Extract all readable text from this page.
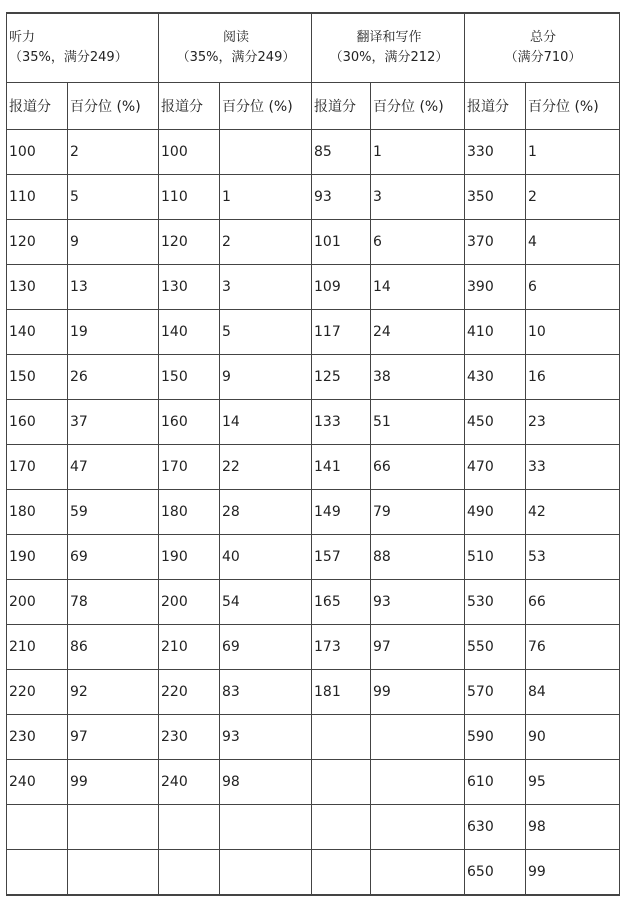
听力
（35%，满分249）		阅读
（35%，满分249）		翻译和写作
（30%，满分212）		总分
（满分710）	

报道分	百分位 (%)	报道分	百分位 (%)	报道分	百分位 (%)	报道分	百分位 (%)
100	2	100		85	1	330	1
110	5	110	1	93	3	350	2
120	9	120	2	101	6	370	4
130	13	130	3	109	14	390	6
140	19	140	5	117	24	410	10
150	26	150	9	125	38	430	16
160	37	160	14	133	51	450	23
170	47	170	22	141	66	470	33
180	59	180	28	149	79	490	42
190	69	190	40	157	88	510	53
200	78	200	54	165	93	530	66
210	86	210	69	173	97	550	76
220	92	220	83	181	99	570	84
230	97	230	93			590	90
240	99	240	98			610	95
						630	98
						650	99
